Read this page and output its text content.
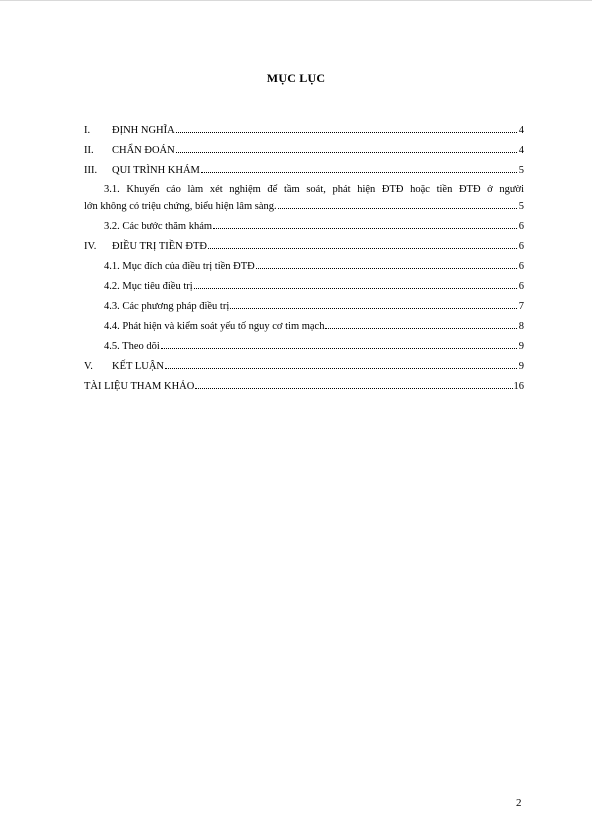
MỤC LỤC
I.	ĐỊNH NGHĨA	4
II.	CHẨN ĐOÁN	4
III.	QUI TRÌNH KHÁM	5
3.1. Khuyến cáo làm xét nghiệm để tầm soát, phát hiện ĐTĐ hoặc tiền ĐTĐ ở người
lớn không có triệu chứng, biểu hiện lâm sàng.	5
3.2. Các bước thăm khám	6
IV.	ĐIỀU TRỊ TIỀN ĐTĐ	6
4.1. Mục đích của điều trị tiền ĐTĐ	6
4.2. Mục tiêu điều trị	6
4.3. Các phương pháp điều trị	7
4.4. Phát hiện và kiểm soát yếu tố nguy cơ tim mạch	8
4.5. Theo dõi	9
V.	KẾT LUẬN	9
TÀI LIỆU THAM KHẢO	16
2
